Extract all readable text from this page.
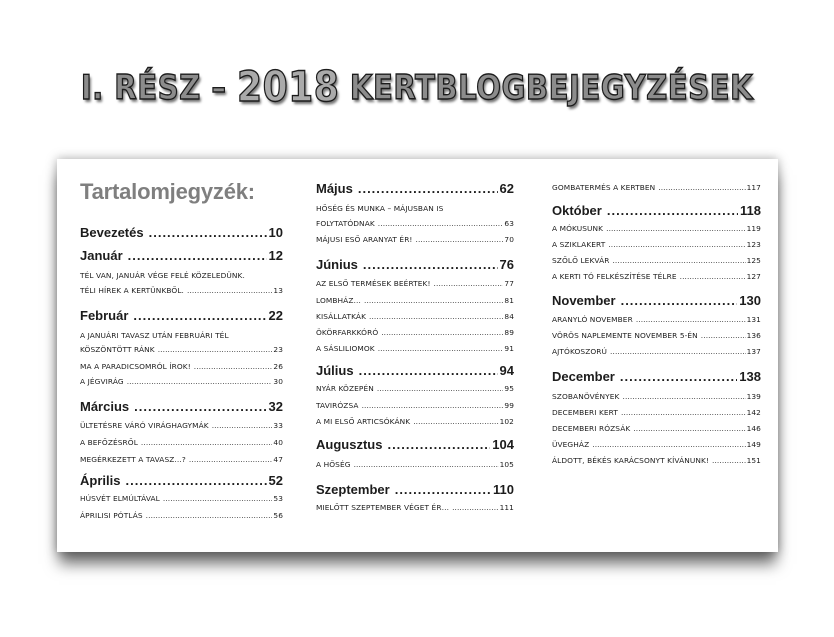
I. RÉSZ – 2018 KERTBLOGBEJEGYZÉSEK
Tartalomjegyzék:
Bevezetés .....	10
Január .....	12
TÉL VAN, JANUÁR VÉGE FELÉ KÖZELEDÜNK.
TÉLI HÍREK A KERTÜNKBŐL. .....	13
Február .....	22
A JANUÁRI TAVASZ UTÁN FEBRUÁRI TÉL
KÖSZÖNTÖTT RÁNK .....	23
MA A PARADICSOMRÓL ÍROK! .....	26
A JÉGVIRÁG .....	30
Március .....	32
ÜLTETÉSRE VÁRÓ VIRÁGHAGYMÁK .....	33
A BEFŐZÉSRŐL .....	40
MEGÉRKEZETT A TAVASZ…? .....	47
Április .....	52
HÚSVÉT ELMÚLTÁVAL .....	53
ÁPRILISI PÓTLÁS .....	56
Május .....	62
HŐSÉG ÉS MUNKA – MÁJUSBAN IS
FOLYTATÓDNAK .....	63
MÁJUSI ESŐ ARANYAT ÉR! .....	70
Június .....	76
AZ ELSŐ TERMÉSEK BEÉRTEK! .....	77
LOMBHÁZ… .....	81
KISÁLLATKÁK .....	84
ÖKÖRFARKKÓRÓ .....	89
A SÁSLILIOMOK .....	91
Július .....	94
NYÁR KÖZEPÉN .....	95
TAVIRÓZSA .....	99
A MI ELSŐ ARTICSÓKÁNK .....	102
Augusztus .....	104
A HŐSÉG .....	105
Szeptember .....	110
MIELŐTT SZEPTEMBER VÉGET ÉR… .....	111
GOMBATERMÉS A KERTBEN .....	117
Október .....	118
A MÓKUSUNK .....	119
A SZIKLAKERT .....	123
SZŐLŐ LEKVÁR .....	125
A KERTI TÓ FELKÉSZÍTÉSE TÉLRE .....	127
November .....	130
ARANYLÓ NOVEMBER .....	131
VÖRÖS NAPLEMENTE NOVEMBER 5-ÉN .....	136
AJTÓKOSZORÚ .....	137
December .....	138
SZOBANÖVÉNYEK .....	139
DECEMBERI KERT .....	142
DECEMBERI RÓZSÁK .....	146
ÜVEGHÁZ .....	149
ÁLDOTT, BÉKÉS KARÁCSONYT KÍVÁNUNK! .....	151
